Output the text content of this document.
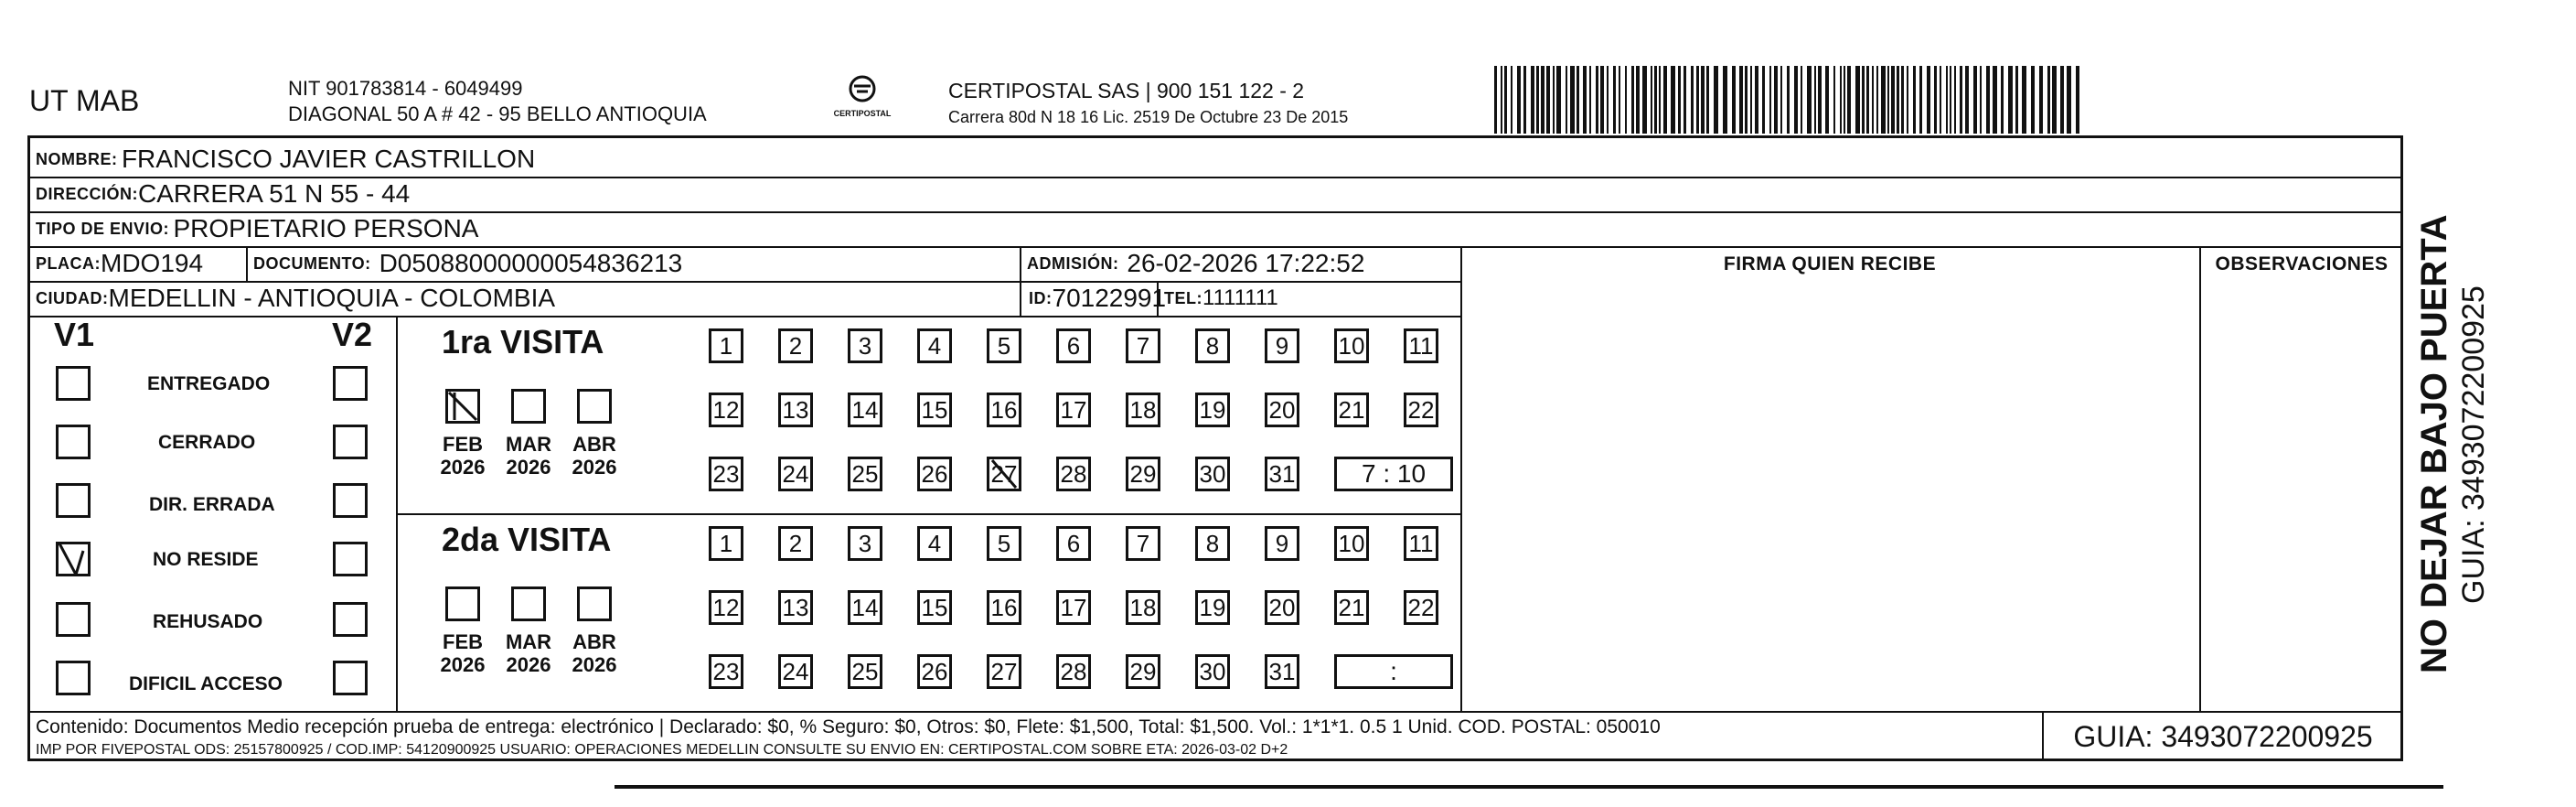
UT MAB	NIT 901783814 - 6049499
DIAGONAL 50 A # 42 - 95 BELLO ANTIOQUIA	CERTIPOSTAL
CERTIPOSTAL SAS | 900 151 122 - 2
Carrera 80d N 18 16 Lic. 2519 De Octubre 23 De 2015
NOMBRE:
FRANCISCO JAVIER CASTRILLON
DIRECCIÓN: CARRERA 51 N 55 - 44
TIPO DE ENVIO:
PROPIETARIO PERSONA
PLACA: MDO194	DOCUMENTO:
D05088000000054836213	ADMISIÓN:
26-02-2026 17:22:52
CIUDAD: MEDELLIN - ANTIOQUIA - COLOMBIA	ID: 70122991
TEL: 1111111
FIRMA QUIEN RECIBE	OBSERVACIONES
V1	V2
ENTREGADO
CERRADO
DIR. ERRADA
NO RESIDE
REHUSADO
DIFICIL ACCESO
1ra VISITA
FEB
2026
MAR
2026
ABR
2026
1	2	3	4	5	6	7	8	9	10 11
12 13 14 15 16 17 18 19 20 21 22
23 24 25 26 27 28 29 30 31	7 : 10
2da VISITA
FEB
2026
MAR
2026
ABR
2026
1	2	3	4	5	6	7	8	9	10 11
12 13 14 15 16 17 18 19 20 21 22
23 24 25 26 27 28 29 30 31	:
Contenido: Documentos Medio recepción prueba de entrega: electrónico | Declarado: $0, % Seguro: $0, Otros: $0, Flete: $1,500, Total: $1,500. Vol.: 1*1*1. 0.5 1 Unid. COD. POSTAL: 050010
IMP POR FIVEPOSTAL ODS: 25157800925 / COD.IMP: 54120900925 USUARIO: OPERACIONES MEDELLIN CONSULTE SU ENVIO EN: CERTIPOSTAL.COM SOBRE ETA: 2026-03-02 D+2	GUIA: 3493072200925
NO DEJAR BAJO PUERTA GUIA: 3493072200925
